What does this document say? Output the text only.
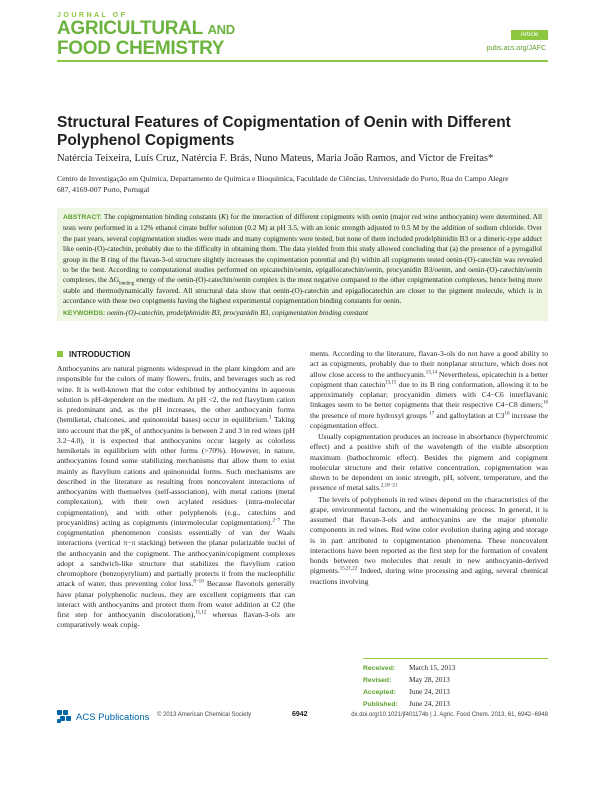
JOURNAL OF
AGRICULTURAL AND
FOOD CHEMISTRY
Article
pubs.acs.org/JAFC
Structural Features of Copigmentation of Oenin with Different Polyphenol Copigments
Natércia Teixeira, Luís Cruz, Natércia F. Brás, Nuno Mateus, Maria João Ramos, and Victor de Freitas*
Centro de Investigação em Química, Departamento de Química e Bioquímica, Faculdade de Ciências, Universidade do Porto, Rua do Campo Alegre 687, 4169-007 Porto, Portugal
ABSTRACT: The copigmentation binding constants (K) for the interaction of different copigments with oenin (major red wine anthocyanin) were determined. All tests were performed in a 12% ethanol citrate buffer solution (0.2 M) at pH 3.5, with an ionic strength adjusted to 0.5 M by the addition of sodium chloride. Over the past years, several copigmentation studies were made and many copigments were tested, but none of them included prodelphinidin B3 or a dimeric-type adduct like oenin-(O)-catechin, probably due to the difficulty in obtaining them. The data yielded from this study allowed concluding that (a) the presence of a pyrogallol group in the B ring of the flavan-3-ol structure slightly increases the copimentation potential and (b) within all copigments tested oenin-(O)-catechin was revealed to be the best. According to computational studies performed on epicatechin/oenin, epigallocatechin/oenin, procyanidin B3/oenin, and oenin-(O)-catechin/oenin complexes, the $\Delta G_{binding}$ energy of the oenin-(O)-catechin/oenin complex is the most negative compared to the other copigmentation complexes, hence being more stable and thermodynamically favored. All structural data show that oenin-(O)-catechin and epigallocatechin are closer to the pigment molecule, which is in accordance with these two copigments having the highest experimental copigmentation binding constants for oenin.
KEYWORDS: oenin-(O)-catechin, prodelphinidin B3, procyanidin B3, copigmentation binding constant
INTRODUCTION

Anthocyanins are natural pigments widespread in the plant kingdom and are responsible for the colors of many flowers, fruits, and beverages such as red wine. It is well-known that the color exhibited by anthocyanins in aqueous solution is pH-dependent on the medium. At pH <2, the red flavylium cation is predominant and, as the pH increases, the other anthocyanin forms (hemiketal, chalcones, and quinonoidal bases) occur in equilibrium.$^1$ Taking into account that the $pK_a$ of anthocyanins is between 2 and 3 in red wines (pH 3.2−4.0), it is expected that anthocyanins occur largely as colorless hemiketals in equilibrium with other forms (>70%). However, in nature, anthocyanins found some stabilizing mechanisms that allow them to exist mainly as flavylium cations and quinonoidal forms. Such mechanisms are described in the literature as resulting from noncovalent interactions of anthocyanins with themselves (self-association), with metal cations (metal complexation), with their own acylated residues (intra-molecular copigmentation), and with other polyphenols (e.g., catechins and procyanidins) acting as copigments (intermolecular copigmentation).$^{2-7}$ The copigmentation phenomenon consists essentially of van der Waals interactions (vertical π−π stacking) between the planar polarizable nuclei of the anthocyanin and the copigment. The anthocyanin/copigment complexes adopt a sandwich-like structure that stabilizes the flavylium cation chromophore (benzopyrylium) and partially protects it from the nucleophilic attack of water, thus preventing color loss.$^{8-10}$ Because flavonols generally have planar polyphenolic nucleus, they are excellent copigments that can interact with anthocyanins and protect them from water addition at C2 (the first step for anthocyanin discoloration),$^{11,12}$ whereas flavan-3-ols are comparatively weak copig-

ments. According to the literature, flavan-3-ols do not have a good ability to act as copigments, probably due to their nonplanar structure, which does not allow close access to the anthocyanin.$^{13,14}$ Nevertheless, epicatechin is a better copigment than catechin$^{13,15}$ due to its B ring conformation, allowing it to be approximately coplanar; procyanidin dimers with C4−C6 interflavanic linkages seem to be better copigments that their respective C4−C8 dimers;$^{16}$ the presence of more hydroxyl groups $^{17}$ and galloylation at $C3^{16}$ increase the copigmentation effect.

Usually copigmentation produces an increase in absorbance (hyperchromic effect) and a positive shift of the wavelength of the visible absorption maximum (bathochromic effect). Besides the pigment and copigment molecular structure and their relative concentration, copigmentation was shown to be dependent on ionic strength, pH, solvent, temperature, and the presence of metal salts.$^{2,18-21}$

The levels of polyphenols in red wines depend on the characteristics of the grape, environmental factors, and the winemaking process. In general, it is assumed that flavan-3-ols and anthocyanins are the major phenolic components in red wines. Red wine color evolution during aging and storage is in part attributed to copigmentation phenomena. These noncovalent interactions have been reported as the first step for the formation of covalent bonds between two molecules that result in new anthocyanin-derived pigments.$^{15,21,22}$ Indeed, during wine processing and aging, several chemical reactions involving

Received: March 15, 2013
Revised: May 28, 2013
Accepted: June 24, 2013
Published: June 24, 2013
ACS Publications © 2013 American Chemical Society	6942	dx.doi.org/10.1021/jf401174b | J. Agric. Food Chem. 2013, 61, 6942−6948
